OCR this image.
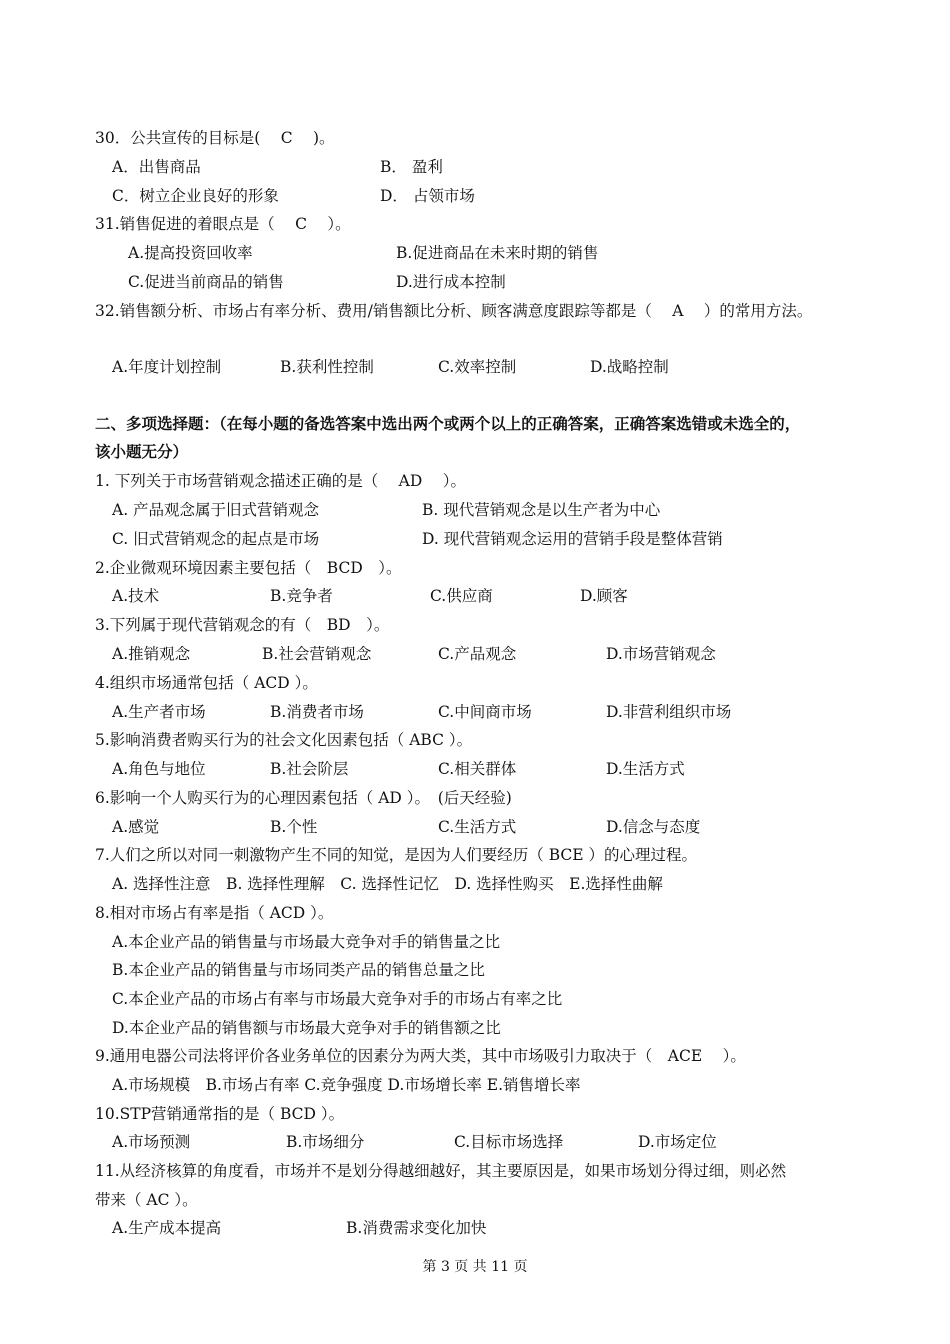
30．公共宣传的目标是(　 C　 )。

A．出售商品

	B． 盈利

C．树立企业良好的形象

	D． 占领市场

31.销售促进的着眼点是（　 C　 ）。

A.提高投资回收率

	B.促进商品在未来时期的销售

C.促进当前商品的销售

	D.进行成本控制

32.销售额分析、市场占有率分析、费用/销售额比分析、顾客满意度跟踪等都是（　 A　 ）的常用方法。

A.年度计划控制

	B.获利性控制

	C.效率控制

	D.战略控制

二、多项选择题：（在每小题的备选答案中选出两个或两个以上的正确答案，正确答案选错或未选全的，
该小题无分）
1. 下列关于市场营销观念描述正确的是（　 AD　 ）。

A. 产品观念属于旧式营销观念

	B. 现代营销观念是以生产者为中心

C. 旧式营销观念的起点是市场

	D. 现代营销观念运用的营销手段是整体营销

2.企业微观环境因素主要包括（　BCD　）。

A.技术

	B.竞争者

	C.供应商

	D.顾客

3.下列属于现代营销观念的有（　BD　）。

A.推销观念

	B.社会营销观念

	C.产品观念

	D.市场营销观念

4.组织市场通常包括（ ACD ）。

A.生产者市场

	B.消费者市场

	C.中间商市场

	D.非营利组织市场

5.影响消费者购买行为的社会文化因素包括（ ABC ）。

A.角色与地位

	B.社会阶层

	C.相关群体

	D.生活方式

6.影响一个人购买行为的心理因素包括（ AD ）。　(后天经验)

A.感觉

	B.个性

	C.生活方式

	D.信念与态度

7.人们之所以对同一刺激物产生不同的知觉，是因为人们要经历（ BCE ）的心理过程。

A. 选择性注意　B. 选择性理解　C. 选择性记忆　D. 选择性购买　E.选择性曲解

8.相对市场占有率是指（ ACD ）。

A.本企业产品的销售量与市场最大竞争对手的销售量之比

B.本企业产品的销售量与市场同类产品的销售总量之比

C.本企业产品的市场占有率与市场最大竞争对手的市场占有率之比

D.本企业产品的销售额与市场最大竞争对手的销售额之比

9.通用电器公司法将评价各业务单位的因素分为两大类，其中市场吸引力取决于（　ACE　 ）。

A.市场规模　B.市场占有率 C.竞争强度 D.市场增长率 E.销售增长率

10.STP营销通常指的是（ BCD ）。

A.市场预测

	B.市场细分

	C.目标市场选择

	D.市场定位

11.从经济核算的角度看，市场并不是划分得越细越好，其主要原因是，如果市场划分得过细，则必然
带来（ AC ）。

A.生产成本提高

	B.消费需求变化加快

第 3 页 共 11 页
